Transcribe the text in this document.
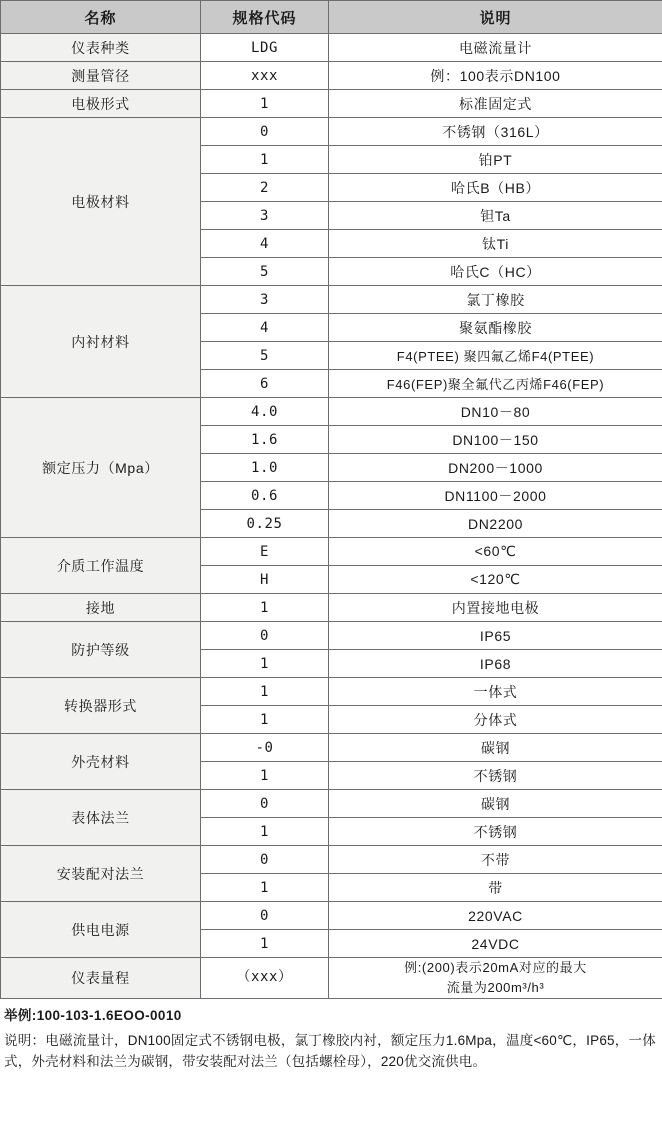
名称	规格代码	说明
仪表种类	LDG	电磁流量计
测量管径	xxx	例：100表示DN100
电极形式	1	标准固定式
电极材料	0	不锈钢（316L）
	1	铂PT
	2	哈氏B（HB）
	3	钽Ta
	4	钛Ti
	5	哈氏C（HC）
内衬材料	3	氯丁橡胶
	4	聚氨酯橡胶
	5	F4(PTEE) 聚四氟乙烯F4(PTEE)
	6	F46(FEP)聚全氟代乙丙烯F46(FEP)
额定压力（Mpa）	4.0	DN10－80
	1.6	DN100－150
	1.0	DN200－1000
	0.6	DN1100－2000
	0.25	DN2200
介质工作温度	E	<60℃
	H	<120℃
接地	1	内置接地电极
防护等级	0	IP65
	1	IP68
转换器形式	1	一体式
	1	分体式
外壳材料	-0	碳钢
	1	不锈钢
表体法兰	0	碳钢
	1	不锈钢
安装配对法兰	0	不带
	1	带
供电电源	0	220VAC
	1	24VDC
仪表量程	（xxx）	例:(200)表示20mA对应的最大
流量为200m³/h³
举例:100-103-1.6EOO-0010
说明：电磁流量计，DN100固定式不锈钢电极，氯丁橡胶内衬，额定压力1.6Mpa，温度<60℃，IP65，一体式，外壳材料和法兰为碳钢，带安装配对法兰（包括螺栓母），220优交流供电。
